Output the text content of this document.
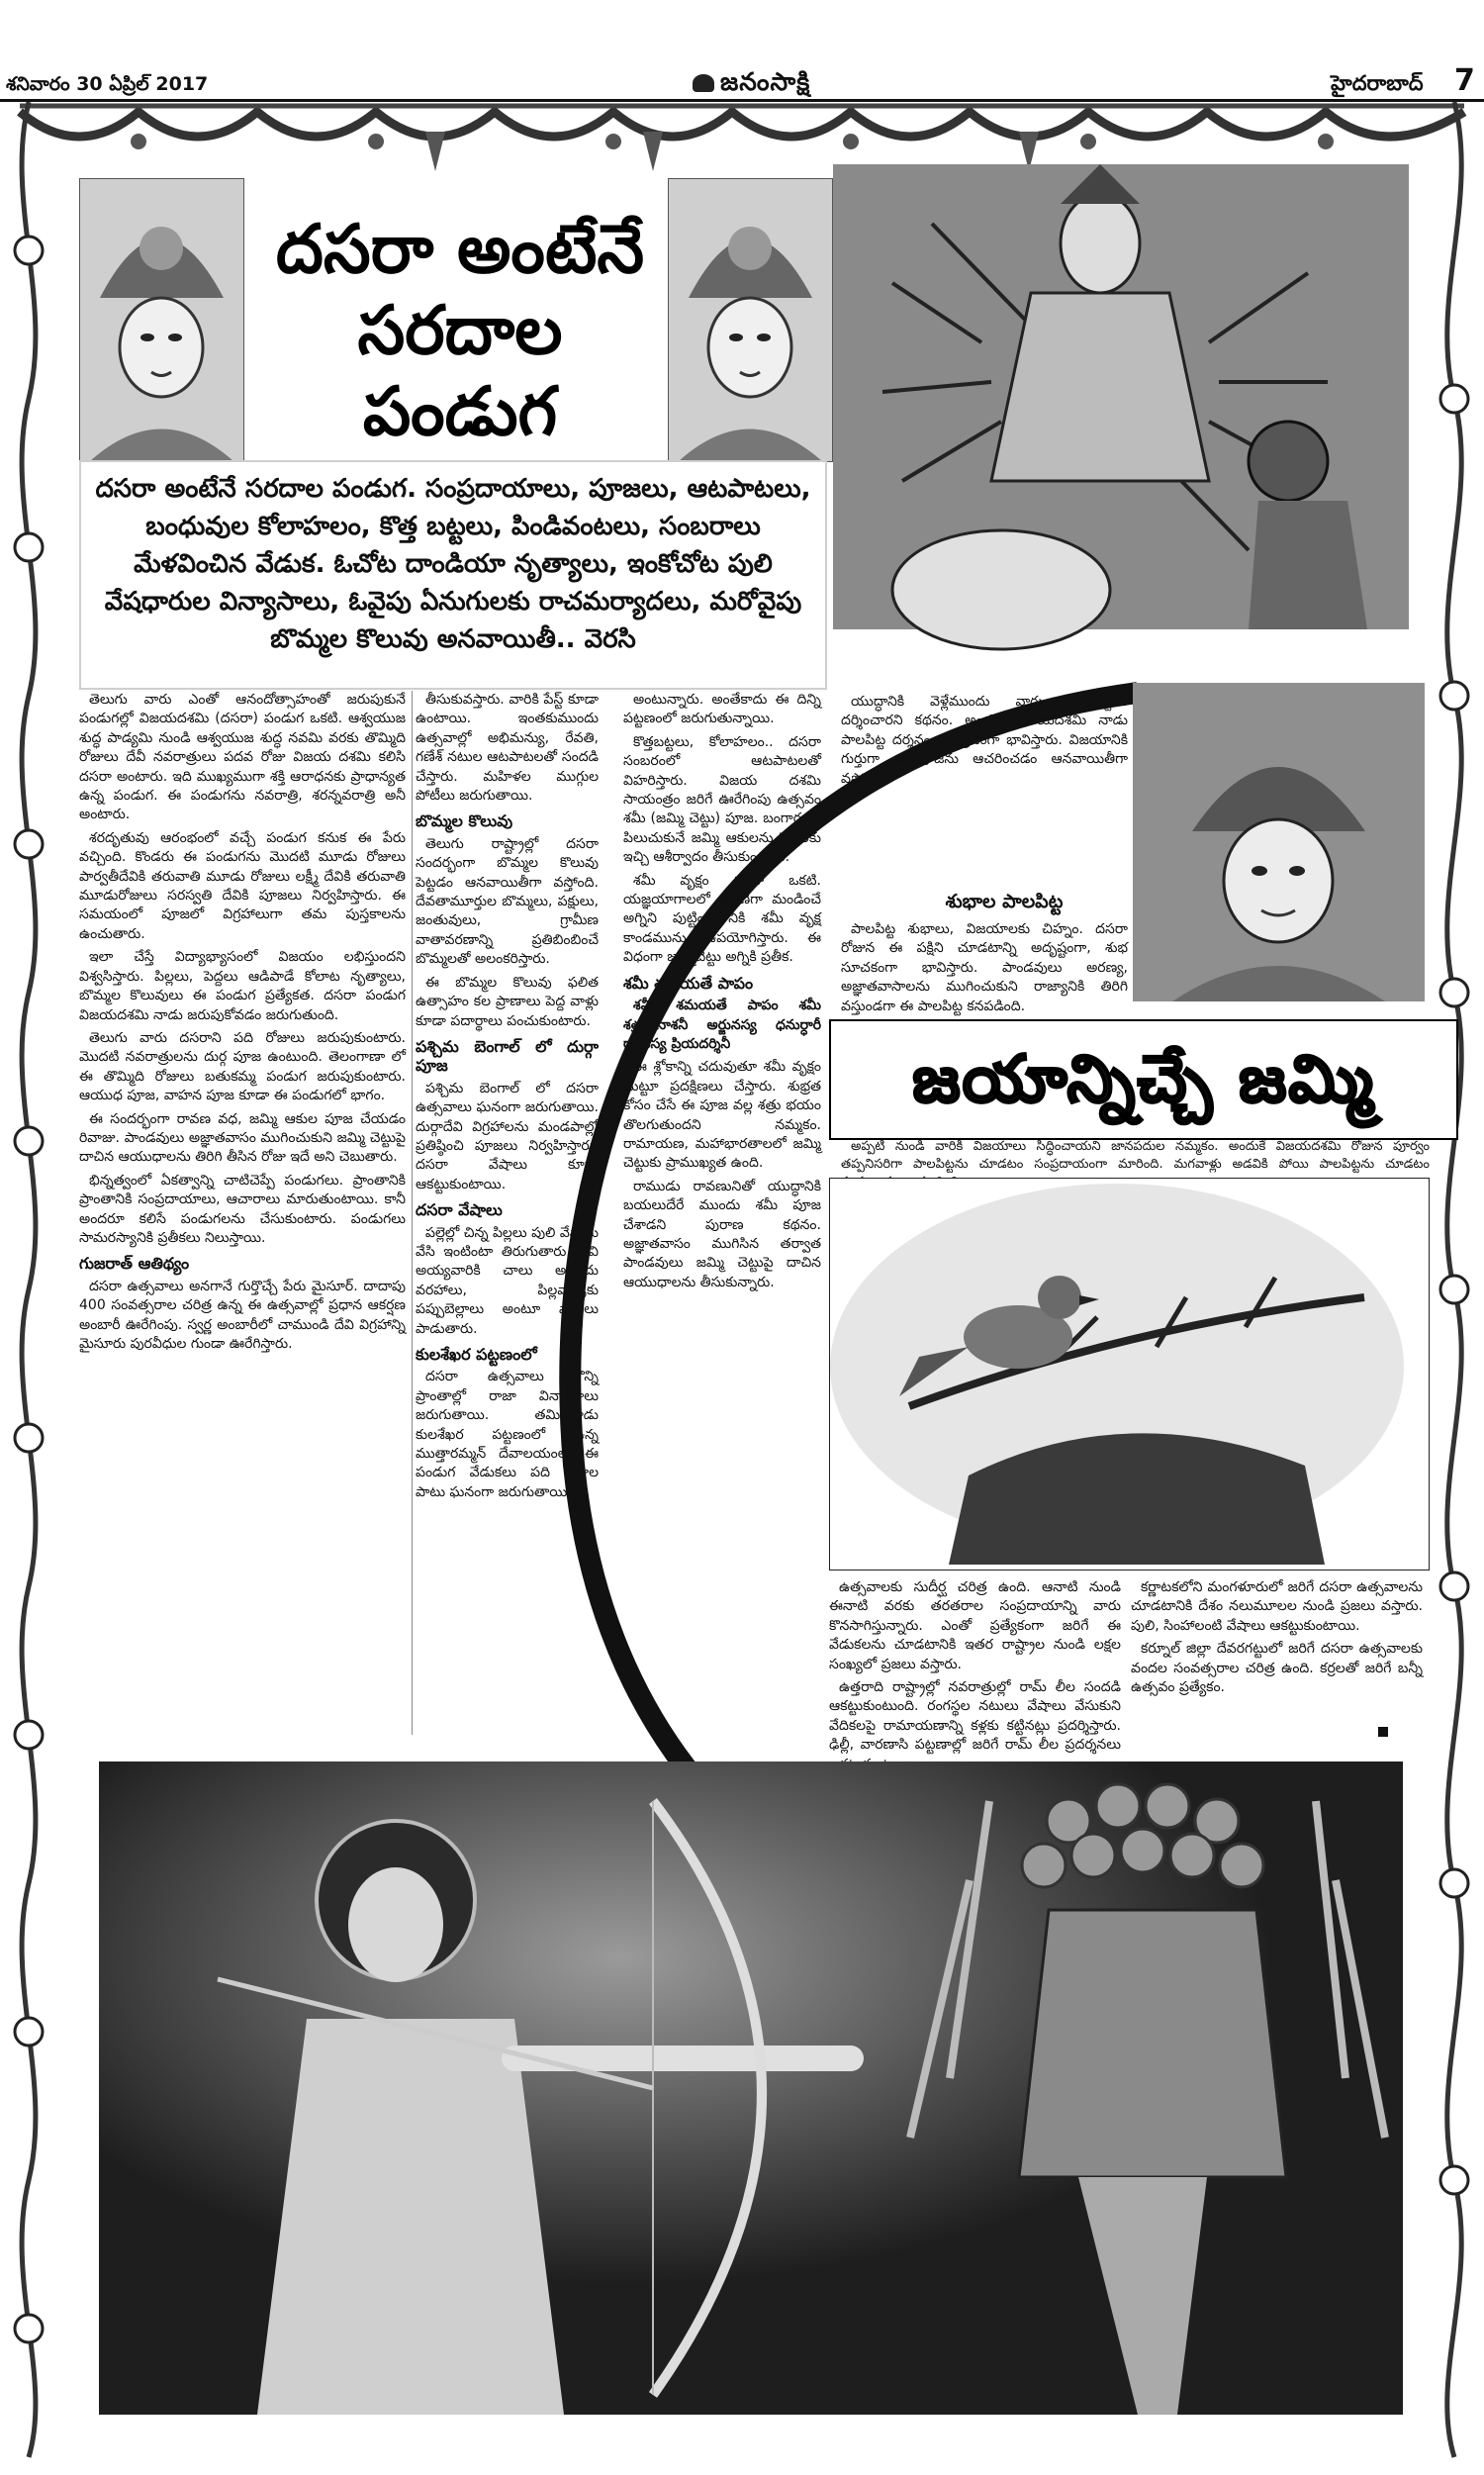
శనివారం 30 ఏప్రిల్ 2017	జనంసాక్షి	హైదరాబాద్ 7
దసరా అంటేనే
సరదాల
పండుగ

దసరా అంటేనే సరదాల పండుగ. సంప్రదాయాలు, పూజలు, ఆటపాటలు, బంధువుల కోలాహలం, కొత్త బట్టలు, పిండివంటలు, సంబరాలు మేళవించిన వేడుక. ఓచోట దాండియా నృత్యాలు, ఇంకోచోట పులి వేషధారుల విన్యాసాలు, ఓవైపు ఏనుగులకు రాచమర్యాదలు, మరోవైపు బొమ్మల కొలువు అనవాయితీ.. వెరసి

తెలుగు వారు ఎంతో ఆనందోత్సాహంతో జరుపుకునే పండుగల్లో విజయదశమి (దసరా) పండుగ ఒకటి. ఆశ్వయుజ శుద్ధ పాడ్యమి నుండి ఆశ్వయుజ శుద్ధ నవమి వరకు తొమ్మిది రోజులు దేవీ నవరాత్రులు పదవ రోజు విజయ దశమి కలిసి దసరా అంటారు. ఇది ముఖ్యముగా శక్తి ఆరాధనకు ప్రాధాన్యత ఉన్న పండుగ. ఈ పండుగను నవరాత్రి, శరన్నవరాత్రి అనీ అంటారు.

శరదృతువు ఆరంభంలో వచ్చే పండుగ కనుక ఈ పేరు వచ్చింది. కొండరు ఈ పండుగను మొదటి మూడు రోజులు పార్వతీదేవికి తరువాతి మూడు రోజులు లక్ష్మీ దేవికి తరువాతి మూడురోజులు సరస్వతి దేవికి పూజలు నిర్వహిస్తారు. ఈ సమయంలో పూజలో విగ్రహాలుగా తమ పుస్తకాలను ఉంచుతారు.

ఇలా చేస్తే విద్యాభ్యాసంలో విజయం లభిస్తుందని విశ్వసిస్తారు. పిల్లలు, పెద్దలు ఆడిపాడే కోలాట నృత్యాలు, బొమ్మల కొలువులు ఈ పండుగ ప్రత్యేకత. దసరా పండుగ విజయదశమి నాడు జరుపుకోవడం జరుగుతుంది.

తెలుగు వారు దసరాని పది రోజులు జరుపుకుంటారు. మొదటి నవరాత్రులను దుర్గ పూజ ఉంటుంది. తెలంగాణా లో ఈ తొమ్మిది రోజులు బతుకమ్మ పండుగ జరుపుకుంటారు. ఆయుధ పూజ, వాహన పూజ కూడా ఈ పండుగలో భాగం.

ఈ సందర్భంగా రావణ వధ, జమ్మి ఆకుల పూజ చేయడం రివాజు. పాండవులు అజ్ఞాతవాసం ముగించుకుని జమ్మి చెట్టుపై దాచిన ఆయుధాలను తిరిగి తీసిన రోజు ఇదే అని చెబుతారు.

భిన్నత్వంలో ఏకత్వాన్ని చాటిచెప్పే పండుగలు. ప్రాంతానికి ప్రాంతానికి సంప్రదాయాలు, ఆచారాలు మారుతుంటాయి. కానీ అందరూ కలిసే పండుగలను చేసుకుంటారు. పండుగలు సామరస్యానికి ప్రతీకలు నిలుస్తాయి.

గుజరాత్ ఆతిథ్యం

దసరా ఉత్సవాలు అనగానే గుర్తొచ్చే పేరు మైసూర్. దాదాపు 400 సంవత్సరాల చరిత్ర ఉన్న ఈ ఉత్సవాల్లో ప్రధాన ఆకర్షణ అంబారీ ఊరేగింపు. స్వర్ణ అంబారీలో చాముండి దేవి విగ్రహాన్ని మైసూరు పురవీధుల గుండా ఊరేగిస్తారు.

తీసుకువస్తారు. వారికి పేస్ట్ కూడా ఉంటాయి. ఇంతకుముందు ఉత్సవాల్లో అభిమన్యు, రేవతి, గణేశ్ నటుల ఆటపాటలతో సందడి చేస్తారు. మహిళల ముగ్గుల పోటీలు జరుగుతాయి.

బొమ్మల కొలువు

తెలుగు రాష్ట్రాల్లో దసరా సందర్భంగా బొమ్మల కొలువు పెట్టడం ఆనవాయితీగా వస్తోంది. దేవతామూర్తుల బొమ్మలు, పక్షులు, జంతువులు, గ్రామీణ వాతావరణాన్ని ప్రతిబింబించే బొమ్మలతో అలంకరిస్తారు.

ఈ బొమ్మల కొలువు ఫలిత ఉత్సాహం కల ప్రాణాలు పెద్ద వాళ్లు కూడా పదార్థాలు పంచుకుంటారు.

పశ్చిమ బెంగాల్ లో దుర్గా పూజ

పశ్చిమ బెంగాల్ లో దసరా ఉత్సవాలు ఘనంగా జరుగుతాయి. దుర్గాదేవి విగ్రహాలను మండపాల్లో ప్రతిష్ఠించి పూజలు నిర్వహిస్తారు. దసరా వేషాలు కూడా ఆకట్టుకుంటాయి.

దసరా వేషాలు

పల్లెల్లో చిన్న పిల్లలు పులి వేషాలు వేసి ఇంటింటా తిరుగుతారు. ఇవి అయ్యవారికి చాలు అయిదు వరహాలు, పిల్లవాళ్ళకు పప్పుబెల్లాలు అంటూ పాటలు పాడుతారు.

కులశేఖర పట్టణంలో

దసరా ఉత్సవాలు కొన్ని ప్రాంతాల్లో రాజా విన్యాసాలు జరుగుతాయి. తమిళనాడు కులశేఖర పట్టణంలో ఉన్న ముత్తారమ్మన్ దేవాలయంలో ఈ పండుగ వేడుకలు పది రోజుల పాటు ఘనంగా జరుగుతాయి.

అంటున్నారు. అంతేకాదు ఈ దిన్ని పట్టణంలో జరుగుతున్నాయి.

కొత్తబట్టలు, కోలాహలం.. దసరా సంబరంలో ఆటపాటలతో విహరిస్తారు. విజయ దశమి సాయంత్రం జరిగే ఊరేగింపు ఉత్సవం శమీ (జమ్మి చెట్టు) పూజ. బంగారంగా పిలుచుకునే జమ్మి ఆకులను పెద్దలకు ఇచ్చి ఆశీర్వాదం తీసుకుంటారు.

శమీ వృక్షం కూడా ఒకటి. యజ్ఞయాగాలలో అరణిగా మండించే అగ్నిని పుట్టించడానికి శమీ వృక్ష కాండమును ఉపయోగిస్తారు. ఈ విధంగా జమ్మిచెట్టు అగ్నికి ప్రతీక.

శమీ శమయతే పాపం

శమీ శమయతే పాపం శమీ శత్రువినాశనీ అర్జునస్య ధనుర్ధారీ రామస్య ప్రియదర్శినీ

ఈ శ్లోకాన్ని చదువుతూ శమీ వృక్షం చుట్టూ ప్రదక్షిణలు చేస్తారు. శుభ్రత కోసం చేసే ఈ పూజ వల్ల శత్రు భయం తొలగుతుందని నమ్మకం. రామాయణ, మహాభారతాలలో జమ్మి చెట్టుకు ప్రాముఖ్యత ఉంది.

రాముడు రావణునితో యుద్ధానికి బయలుదేరే ముందు శమీ పూజ చేశాడని పురాణ కథనం. అజ్ఞాతవాసం ముగిసిన తర్వాత పాండవులు జమ్మి చెట్టుపై దాచిన ఆయుధాలను తీసుకున్నారు.

యుద్ధానికి వెళ్లేముందు వారు పాలపిట్టను దర్శించారని కథనం. అందుకే విజయదశమి నాడు పాలపిట్ట దర్శనం శుభప్రదంగా భావిస్తారు. విజయానికి గుర్తుగా శమీపూజను ఆచరించడం ఆనవాయితీగా వస్తోంది.

శుభాల పాలపిట్ట

పాలపిట్ట శుభాలు, విజయాలకు చిహ్నం. దసరా రోజున ఈ పక్షిని చూడటాన్ని అదృష్టంగా, శుభ సూచకంగా భావిస్తారు. పాండవులు అరణ్య, అజ్ఞాతవాసాలను ముగించుకుని రాజ్యానికి తిరిగి వస్తుండగా ఈ పాలపిట్ట కనపడింది.

జయాన్నిచ్చే జమ్మి

అప్పటి నుండి వారికి విజయాలు సిద్ధించాయని జానపదుల నమ్మకం. అందుకే విజయదశమి రోజున పూర్వం తప్పనిసరిగా పాలపిట్టను చూడటం సంప్రదాయంగా మారింది. మగవాళ్లు అడవికి పోయి పాలపిట్టను చూడటం

ఉత్సవాలకు సుదీర్ఘ చరిత్ర ఉంది. ఆనాటి నుండి ఈనాటి వరకు తరతరాల సంప్రదాయాన్ని వారు కొనసాగిస్తున్నారు. ఎంతో ప్రత్యేకంగా జరిగే ఈ వేడుకలను చూడటానికి ఇతర రాష్ట్రాల నుండి లక్షల సంఖ్యలో ప్రజలు వస్తారు.

ఉత్తరాది రాష్ట్రాల్లో నవరాత్రుల్లో రామ్ లీల సందడి ఆకట్టుకుంటుంది. రంగస్థల నటులు వేషాలు వేసుకుని వేదికలపై రామాయణాన్ని కళ్లకు కట్టినట్లు ప్రదర్శిస్తారు. ఢిల్లీ, వారణాసి పట్టణాల్లో జరిగే రామ్ లీల ప్రదర్శనలు

కర్ణాటకలోని మంగళూరులో జరిగే దసరా ఉత్సవాలను చూడటానికి దేశం నలుమూలల నుండి ప్రజలు వస్తారు. పులి, సింహాలంటి వేషాలు ఆకట్టుకుంటాయి.

కర్నూల్ జిల్లా దేవరగట్టులో జరిగే దసరా ఉత్సవాలకు వందల సంవత్సరాల చరిత్ర ఉంది. కర్రలతో జరిగే బన్నీ ఉత్సవం ప్రత్యేకం.
